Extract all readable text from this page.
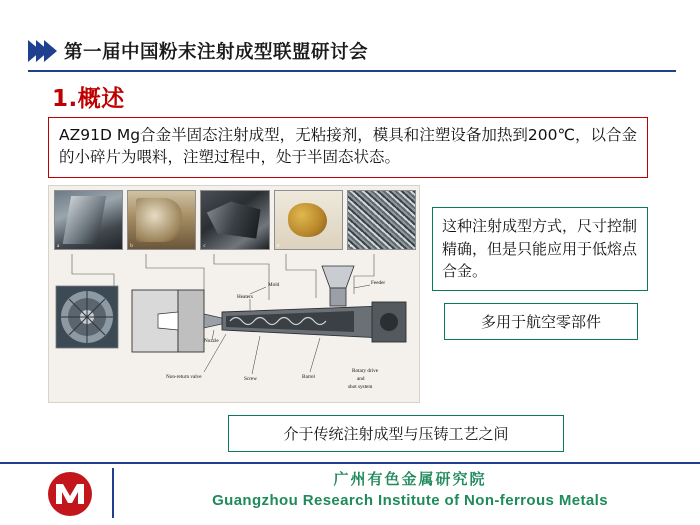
第一届中国粉末注射成型联盟研讨会
1.概述

AZ91D Mg合金半固态注射成型，无粘接剂，模具和注塑设备加热到200℃，以合金的小碎片为喂料，注塑过程中，处于半固态状态。

a	b	c	d	e
Mold
Heaters
Feeder
Nozzle
Non-return valve	Screw	Barrel
Rotary drive
and
shot system
这种注射成型方式，尺寸控制精确，但是只能应用于低熔点合金。
多用于航空零部件
介于传统注射成型与压铸工艺之间
广州有色金属研究院
Guangzhou Research Institute of Non-ferrous Metals
